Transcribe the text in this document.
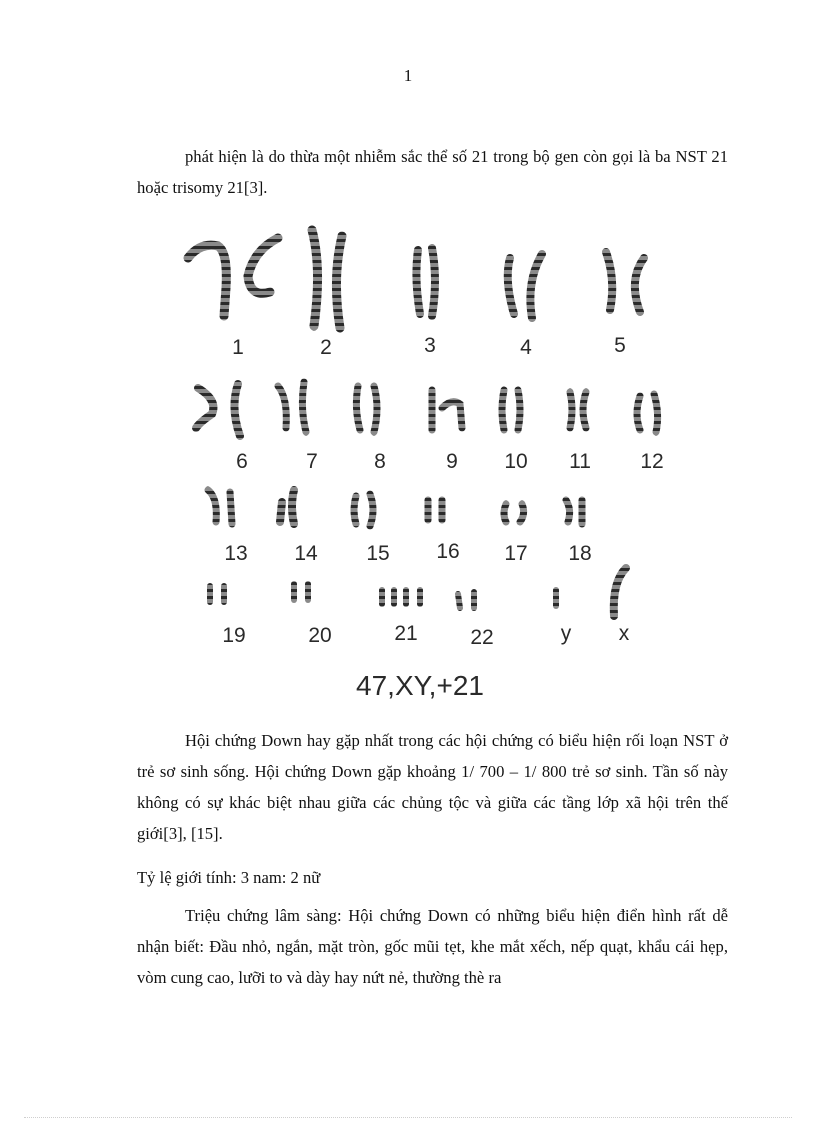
1

phát hiện là do thừa một nhiễm sắc thể số 21 trong bộ gen còn gọi là ba NST 21 hoặc trisomy 21[3].

1	2	3	4	5
6	7	8	9 10 11 12
13 14 15 16 17 18
19	20	21	22	y x
47,XY,+21

Hội chứng Down hay gặp nhất trong các hội chứng có biểu hiện rối loạn NST ở trẻ sơ sinh sống. Hội chứng Down gặp khoảng 1/ 700 – 1/ 800 trẻ sơ sinh. Tần số này không có sự khác biệt nhau giữa các chủng tộc và giữa các tầng lớp xã hội trên thế giới[3], [15].

Tỷ lệ giới tính: 3 nam: 2 nữ

Triệu chứng lâm sàng: Hội chứng Down có những biểu hiện điển hình rất dễ nhận biết: Đầu nhỏ, ngắn, mặt tròn, gốc mũi tẹt, khe mắt xếch, nếp quạt, khẩu cái hẹp, vòm cung cao, lưỡi to và dày hay nứt nẻ, thường thè ra
